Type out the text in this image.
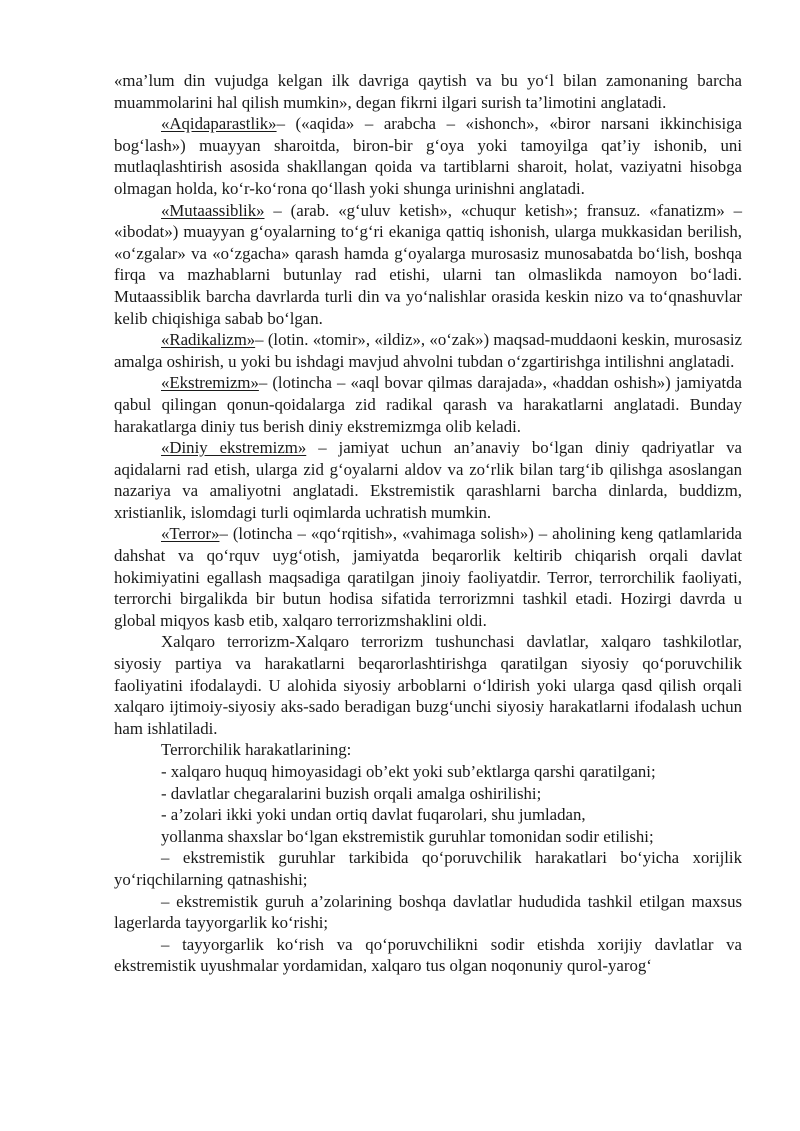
«ma’lum din vujudga kelgan ilk davriga qaytish va bu yo‘l bilan zamonaning barcha muammolarini hal qilish mumkin», degan fikrni ilgari surish ta’limotini anglatadi.

«Aqidaparastlik»– («aqida» – arabcha – «ishonch», «biror narsani ikkinchisiga bog‘lash») muayyan sharoitda, biron-bir g‘oya yoki tamoyilga qat’iy ishonib, uni mutlaqlashtirish asosida shakllangan qoida va tartiblarni sharoit, holat, vaziyatni hisobga olmagan holda, ko‘r-ko‘rona qo‘llash yoki shunga urinishni anglatadi.

«Mutaassiblik» – (arab. «g‘uluv ketish», «chuqur ketish»; fransuz. «fanatizm» – «ibodat») muayyan g‘oyalarning to‘g‘ri ekaniga qattiq ishonish, ularga mukkasidan berilish, «o‘zgalar» va «o‘zgacha» qarash hamda g‘oyalarga murosasiz munosabatda bo‘lish, boshqa firqa va mazhablarni butunlay rad etishi, ularni tan olmaslikda namoyon bo‘ladi. Mutaassiblik barcha davrlarda turli din va yo‘nalishlar orasida keskin nizo va to‘qnashuvlar kelib chiqishiga sabab bo‘lgan.

«Radikalizm»– (lotin. «tomir», «ildiz», «o‘zak») maqsad-muddaoni keskin, murosasiz amalga oshirish, u yoki bu ishdagi mavjud ahvolni tubdan o‘zgartirishga intilishni anglatadi.

«Ekstremizm»– (lotincha – «aql bovar qilmas darajada», «haddan oshish») jamiyatda qabul qilingan qonun-qoidalarga zid radikal qarash va harakatlarni anglatadi. Bunday harakatlarga diniy tus berish diniy ekstremizmga olib keladi.

«Diniy ekstremizm» – jamiyat uchun an’anaviy bo‘lgan diniy qadriyatlar va aqidalarni rad etish, ularga zid g‘oyalarni aldov va zo‘rlik bilan targ‘ib qilishga asoslangan nazariya va amaliyotni anglatadi. Ekstremistik qarashlarni barcha dinlarda, buddizm, xristianlik, islomdagi turli oqimlarda uchratish mumkin.

«Terror»– (lotincha – «qo‘rqitish», «vahimaga solish») – aholining keng qatlamlarida dahshat va qo‘rquv uyg‘otish, jamiyatda beqarorlik keltirib chiqarish orqali davlat hokimiyatini egallash maqsadiga qaratilgan jinoiy faoliyatdir. Terror, terrorchilik faoliyati, terrorchi birgalikda bir butun hodisa sifatida terrorizmni tashkil etadi. Hozirgi davrda u global miqyos kasb etib, xalqaro terrorizmshaklini oldi.

Xalqaro terrorizm-Xalqaro terrorizm tushunchasi davlatlar, xalqaro tashkilotlar, siyosiy partiya va harakatlarni beqarorlashtirishga qaratilgan siyosiy qo‘poruvchilik faoliyatini ifodalaydi. U alohida siyosiy arboblarni o‘ldirish yoki ularga qasd qilish orqali xalqaro ijtimoiy-siyosiy aks-sado beradigan buzg‘unchi siyosiy harakatlarni ifodalash uchun ham ishlatiladi.

Terrorchilik harakatlarining:

- xalqaro huquq himoyasidagi ob’ekt yoki sub’ektlarga qarshi qaratilgani;

- davlatlar chegaralarini buzish orqali amalga oshirilishi;

- a’zolari ikki yoki undan ortiq davlat fuqarolari, shu jumladan,

yollanma shaxslar bo‘lgan ekstremistik guruhlar tomonidan sodir etilishi;

– ekstremistik guruhlar tarkibida qo‘poruvchilik harakatlari bo‘yicha xorijlik yo‘riqchilarning qatnashishi;

– ekstremistik guruh a’zolarining boshqa davlatlar hududida tashkil etilgan maxsus lagerlarda tayyorgarlik ko‘rishi;

– tayyorgarlik ko‘rish va qo‘poruvchilikni sodir etishda xorijiy davlatlar va ekstremistik uyushmalar yordamidan, xalqaro tus olgan noqonuniy qurol-yarog‘
